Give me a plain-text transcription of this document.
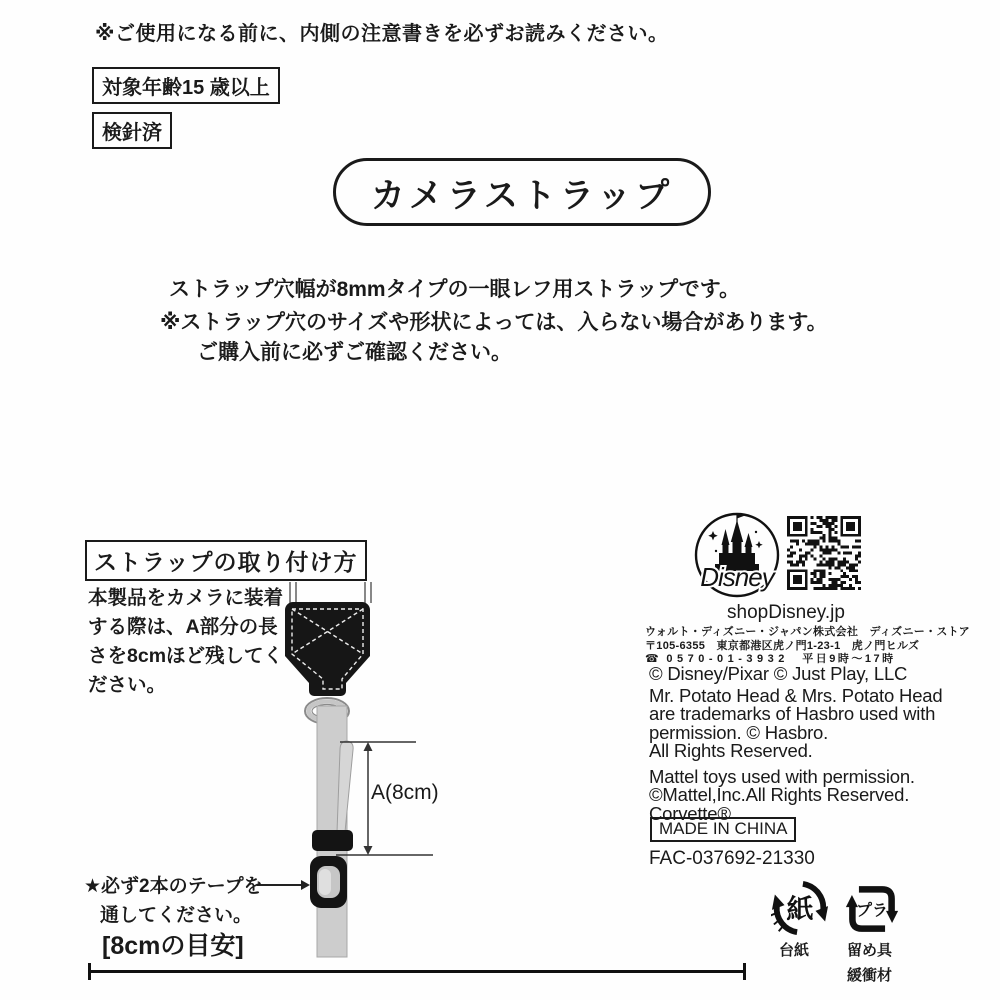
※ご使用になる前に、内側の注意書きを必ずお読みください。
対象年齢15 歳以上
検針済
カメラストラップ
ストラップ穴幅が8mmタイプの一眼レフ用ストラップです。
※ストラップ穴のサイズや形状によっては、入らない場合があります。
ご購入前に必ずご確認ください。
ストラップの取り付け方
本製品をカメラに装着する際は、A部分の長さを8cmほど残してください。
A(8cm)
★必ず2本のテープを
通してください。
[8cmの目安]
Disney
shopDisney.jp
ウォルト・ディズニー・ジャパン株式会社　ディズニー・ストア
〒105-6355　東京都港区虎ノ門1-23-1　虎ノ門ヒルズ
☎ 0570-01-3932 平日9時～17時
© Disney/Pixar © Just Play, LLC
Mr. Potato Head & Mrs. Potato Head
are trademarks of Hasbro used with
permission. © Hasbro.
All Rights Reserved.
Mattel toys used with permission.
©Mattel,Inc.All Rights Reserved.
Corvette®
MADE IN CHINA
FAC-037692-21330
紙
台紙
プラ
留め具
緩衝材
